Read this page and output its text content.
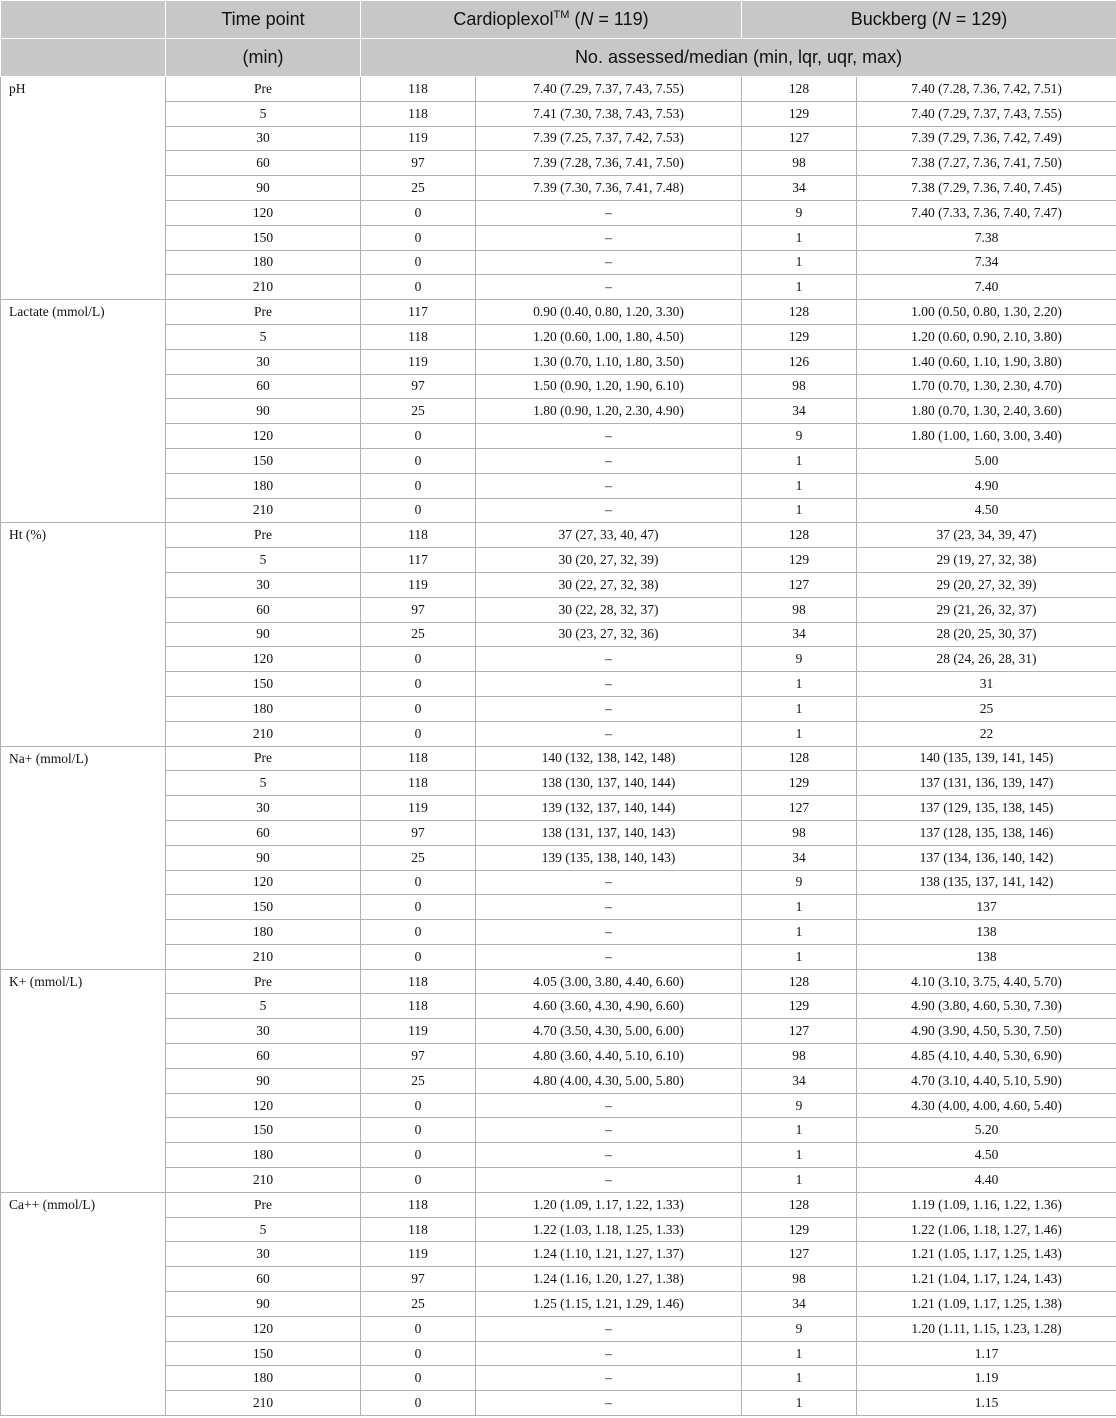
	Time point	Cardioplexol™ (N = 119)		Buckberg (N = 129)	
	(min)	No. assessed/median (min, lqr, uqr, max)			
pH	Pre	118	7.40 (7.29, 7.37, 7.43, 7.55)	128	7.40 (7.28, 7.36, 7.42, 7.51)
	5	118	7.41 (7.30, 7.38, 7.43, 7.53)	129	7.40 (7.29, 7.37, 7.43, 7.55)
	30	119	7.39 (7.25, 7.37, 7.42, 7.53)	127	7.39 (7.29, 7.36, 7.42, 7.49)
	60	97	7.39 (7.28, 7.36, 7.41, 7.50)	98	7.38 (7.27, 7.36, 7.41, 7.50)
	90	25	7.39 (7.30, 7.36, 7.41, 7.48)	34	7.38 (7.29, 7.36, 7.40, 7.45)
	120	0	–	9	7.40 (7.33, 7.36, 7.40, 7.47)
	150	0	–	1	7.38
	180	0	–	1	7.34
	210	0	–	1	7.40
Lactate (mmol/L)	Pre	117	0.90 (0.40, 0.80, 1.20, 3.30)	128	1.00 (0.50, 0.80, 1.30, 2.20)
	5	118	1.20 (0.60, 1.00, 1.80, 4.50)	129	1.20 (0.60, 0.90, 2.10, 3.80)
	30	119	1.30 (0.70, 1.10, 1.80, 3.50)	126	1.40 (0.60, 1.10, 1.90, 3.80)
	60	97	1.50 (0.90, 1.20, 1.90, 6.10)	98	1.70 (0.70, 1.30, 2.30, 4.70)
	90	25	1.80 (0.90, 1.20, 2.30, 4.90)	34	1.80 (0.70, 1.30, 2.40, 3.60)
	120	0	–	9	1.80 (1.00, 1.60, 3.00, 3.40)
	150	0	–	1	5.00
	180	0	–	1	4.90
	210	0	–	1	4.50
Ht (%)	Pre	118	37 (27, 33, 40, 47)	128	37 (23, 34, 39, 47)
	5	117	30 (20, 27, 32, 39)	129	29 (19, 27, 32, 38)
	30	119	30 (22, 27, 32, 38)	127	29 (20, 27, 32, 39)
	60	97	30 (22, 28, 32, 37)	98	29 (21, 26, 32, 37)
	90	25	30 (23, 27, 32, 36)	34	28 (20, 25, 30, 37)
	120	0	–	9	28 (24, 26, 28, 31)
	150	0	–	1	31
	180	0	–	1	25
	210	0	–	1	22
Na+ (mmol/L)	Pre	118	140 (132, 138, 142, 148)	128	140 (135, 139, 141, 145)
	5	118	138 (130, 137, 140, 144)	129	137 (131, 136, 139, 147)
	30	119	139 (132, 137, 140, 144)	127	137 (129, 135, 138, 145)
	60	97	138 (131, 137, 140, 143)	98	137 (128, 135, 138, 146)
	90	25	139 (135, 138, 140, 143)	34	137 (134, 136, 140, 142)
	120	0	–	9	138 (135, 137, 141, 142)
	150	0	–	1	137
	180	0	–	1	138
	210	0	–	1	138
K+ (mmol/L)	Pre	118	4.05 (3.00, 3.80, 4.40, 6.60)	128	4.10 (3.10, 3.75, 4.40, 5.70)
	5	118	4.60 (3.60, 4.30, 4.90, 6.60)	129	4.90 (3.80, 4.60, 5.30, 7.30)
	30	119	4.70 (3.50, 4.30, 5.00, 6.00)	127	4.90 (3.90, 4.50, 5.30, 7.50)
	60	97	4.80 (3.60, 4.40, 5.10, 6.10)	98	4.85 (4.10, 4.40, 5.30, 6.90)
	90	25	4.80 (4.00, 4.30, 5.00, 5.80)	34	4.70 (3.10, 4.40, 5.10, 5.90)
	120	0	–	9	4.30 (4.00, 4.00, 4.60, 5.40)
	150	0	–	1	5.20
	180	0	–	1	4.50
	210	0	–	1	4.40
Ca++ (mmol/L)	Pre	118	1.20 (1.09, 1.17, 1.22, 1.33)	128	1.19 (1.09, 1.16, 1.22, 1.36)
	5	118	1.22 (1.03, 1.18, 1.25, 1.33)	129	1.22 (1.06, 1.18, 1.27, 1.46)
	30	119	1.24 (1.10, 1.21, 1.27, 1.37)	127	1.21 (1.05, 1.17, 1.25, 1.43)
	60	97	1.24 (1.16, 1.20, 1.27, 1.38)	98	1.21 (1.04, 1.17, 1.24, 1.43)
	90	25	1.25 (1.15, 1.21, 1.29, 1.46)	34	1.21 (1.09, 1.17, 1.25, 1.38)
	120	0	–	9	1.20 (1.11, 1.15, 1.23, 1.28)
	150	0	–	1	1.17
	180	0	–	1	1.19
	210	0	–	1	1.15
